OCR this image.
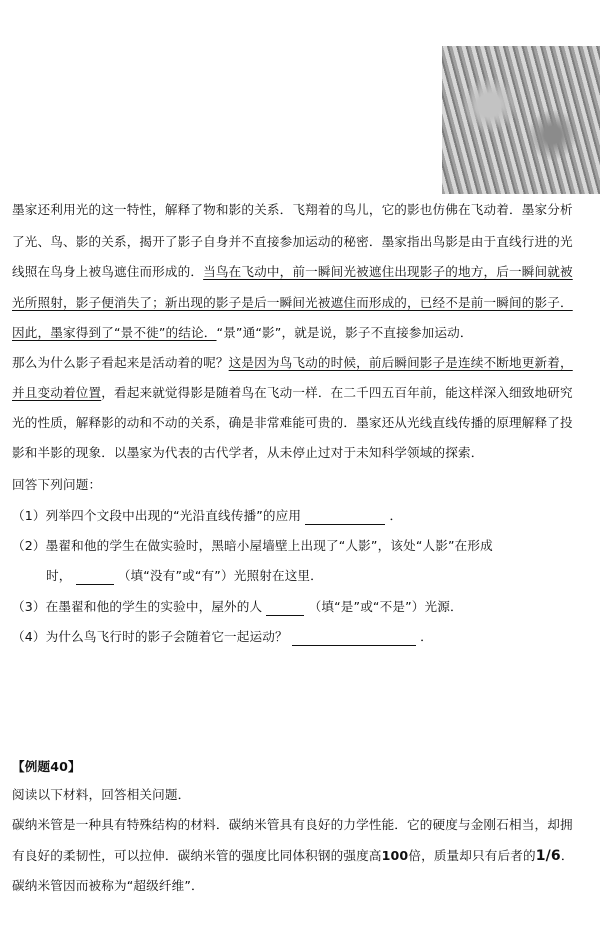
墨家还利用光的这一特性，解释了物和影的关系．飞翔着的鸟儿，它的影也仿佛在飞动着．墨家分析
了光、鸟、影的关系，揭开了影子自身并不直接参加运动的秘密．墨家指出鸟影是由于直线行进的光
线照在鸟身上被鸟遮住而形成的．当鸟在飞动中，前一瞬间光被遮住出现影子的地方，后一瞬间就被
光所照射，影子便消失了；新出现的影子是后一瞬间光被遮住而形成的，已经不是前一瞬间的影子．
因此，墨家得到了“景不徙”的结论．“景”通“影”，就是说，影子不直接参加运动．
那么为什么影子看起来是活动着的呢？这是因为鸟飞动的时候，前后瞬间影子是连续不断地更新着，
并且变动着位置，看起来就觉得影是随着鸟在飞动一样．在二千四五百年前，能这样深入细致地研究
光的性质，解释影的动和不动的关系，确是非常难能可贵的．墨家还从光线直线传播的原理解释了投
影和半影的现象．以墨家为代表的古代学者，从未停止过对于未知科学领域的探索．
回答下列问题：
（1）列举四个文段中出现的“光沿直线传播”的应用	．
（2）墨翟和他的学生在做实验时，黑暗小屋墙壁上出现了“人影”，该处“人影”在形成
时，	（填“没有”或“有”）光照射在这里．
（3）在墨翟和他的学生的实验中，屋外的人	（填“是”或“不是”）光源．
（4）为什么鸟飞行时的影子会随着它一起运动？	．
【例题40】
阅读以下材料，回答相关问题．
碳纳米管是一种具有特殊结构的材料．碳纳米管具有良好的力学性能．它的硬度与金刚石相当，却拥
有良好的柔韧性，可以拉伸．碳纳米管的强度比同体积钢的强度高100倍，质量却只有后者的1/6．
碳纳米管因而被称为“超级纤维”．
